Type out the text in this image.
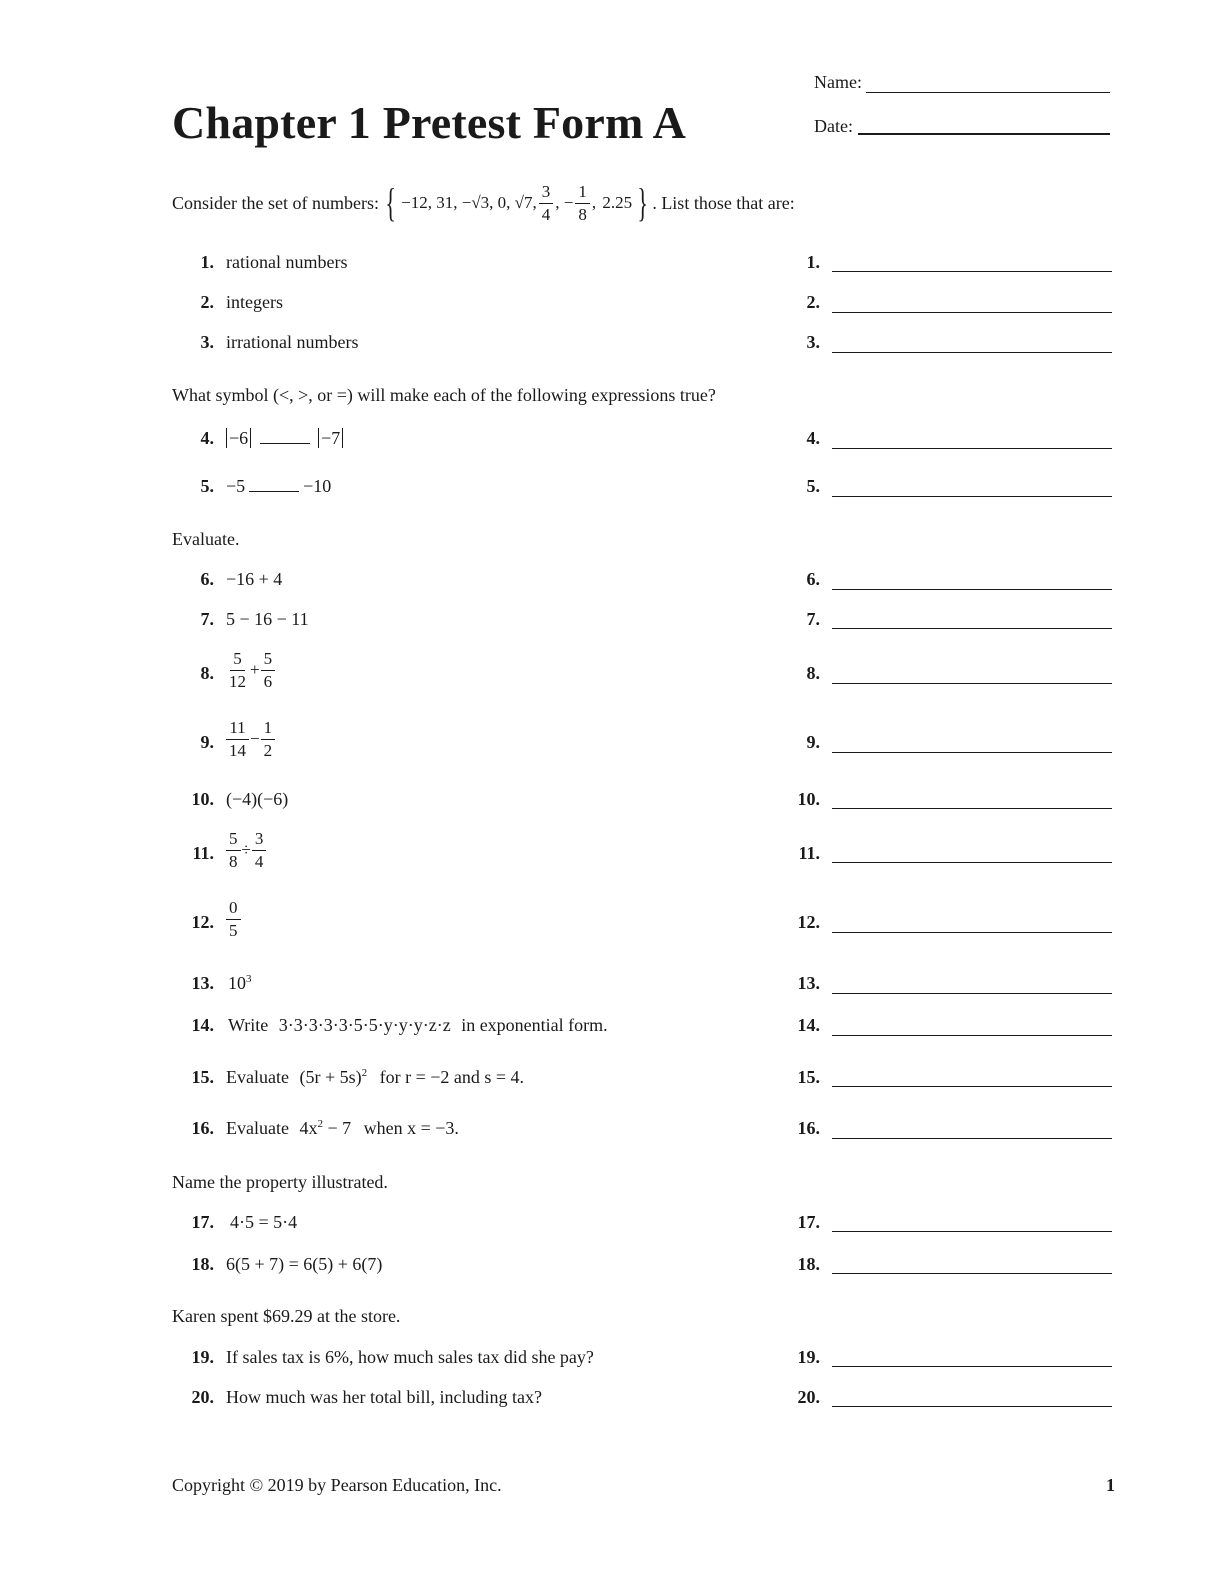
Chapter 1 Pretest Form A
Name:
Date:
Consider the set of numbers: { −12, 31, −√3, 0, √7, $\frac{3}{4}$ , − $\frac{1}{8}$ , 2.25 } . List those that are:
1. rational numbers	1.
2. integers	2.
3. irrational numbers	3.
What symbol (<, >, or =) will make each of the following expressions true?
4. −6	−7	4.
5. −5	−10	5.
Evaluate.
6. −16 + 4	6.
7. 5 − 16 − 11	7.
8. $\frac{5}{12} + \frac{5}{6}$	8.
9. $\frac{11}{14} - \frac{1}{2}$	9.
10. (−4)(−6)	10.
11. $\frac{5}{8} \div \frac{3}{4}$	11.
12. $\frac{0}{5}$	12.
13. $10^3$	13.
14. Write 3·3·3·3·3·5·5·y·y·y·z·z in exponential form.	14.
15. Evaluate $(5r + 5s)^2$ for r = −2 and s = 4.	15.
16. Evaluate $4x^2 - 7$ when x = −3.	16.
Name the property illustrated.
17. 4·5 = 5·4	17.
18. 6(5 + 7) = 6(5) + 6(7)	18.
Karen spent $69.29 at the store.
19. If sales tax is 6%, how much sales tax did she pay?	19.
20. How much was her total bill, including tax?	20.
Copyright © 2019 by Pearson Education, Inc.	1
